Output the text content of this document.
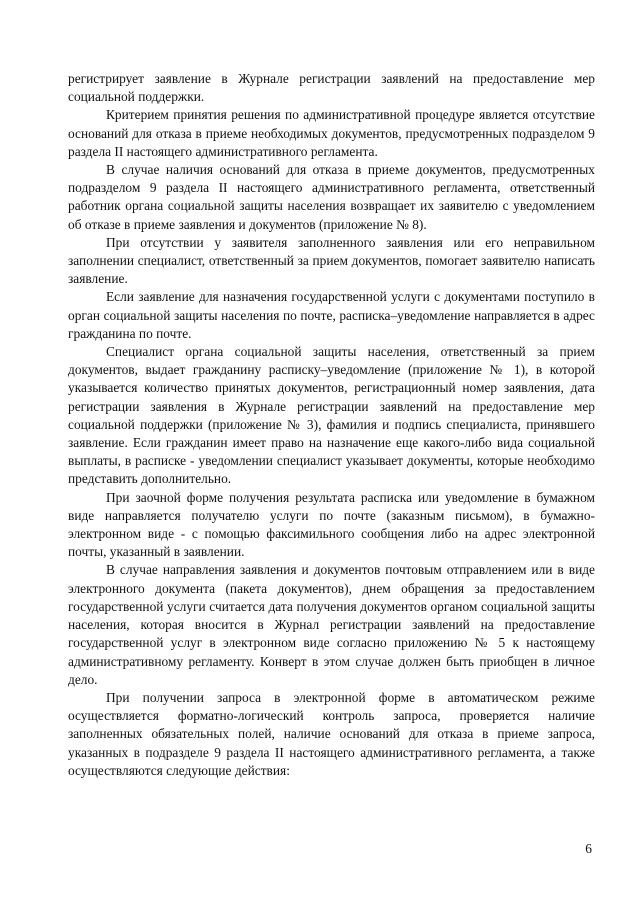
регистрирует заявление в Журнале регистрации заявлений на предоставление мер социальной поддержки.

Критерием принятия решения по административной процедуре является отсутствие оснований для отказа в приеме необходимых документов, предусмотренных подразделом 9 раздела II настоящего административного регламента.

В случае наличия оснований для отказа в приеме документов, предусмотренных подразделом 9 раздела II настоящего административного регламента, ответственный работник органа социальной защиты населения возвращает их заявителю с уведомлением об отказе в приеме заявления и документов (приложение № 8).

При отсутствии у заявителя заполненного заявления или его неправильном заполнении специалист, ответственный за прием документов, помогает заявителю написать заявление.

Если заявление для назначения государственной услуги с документами поступило в орган социальной защиты населения по почте, расписка–уведомление направляется в адрес гражданина по почте.

Специалист органа социальной защиты населения, ответственный за прием документов, выдает гражданину расписку–уведомление (приложение № 1), в которой указывается количество принятых документов, регистрационный номер заявления, дата регистрации заявления в Журнале регистрации заявлений на предоставление мер социальной поддержки (приложение № 3), фамилия и подпись специалиста, принявшего заявление. Если гражданин имеет право на назначение еще какого-либо вида социальной выплаты, в расписке - уведомлении специалист указывает документы, которые необходимо представить дополнительно.

При заочной форме получения результата расписка или уведомление в бумажном виде направляется получателю услуги по почте (заказным письмом), в бумажно-электронном виде - с помощью факсимильного сообщения либо на адрес электронной почты, указанный в заявлении.

В случае направления заявления и документов почтовым отправлением или в виде электронного документа (пакета документов), днем обращения за предоставлением государственной услуги считается дата получения документов органом социальной защиты населения, которая вносится в Журнал регистрации заявлений на предоставление государственной услуг в электронном виде согласно приложению № 5 к настоящему административному регламенту. Конверт в этом случае должен быть приобщен в личное дело.

При получении запроса в электронной форме в автоматическом режиме осуществляется форматно-логический контроль запроса, проверяется наличие заполненных обязательных полей, наличие оснований для отказа в приеме запроса, указанных в подразделе 9 раздела II настоящего административного регламента, а также осуществляются следующие действия:

6
